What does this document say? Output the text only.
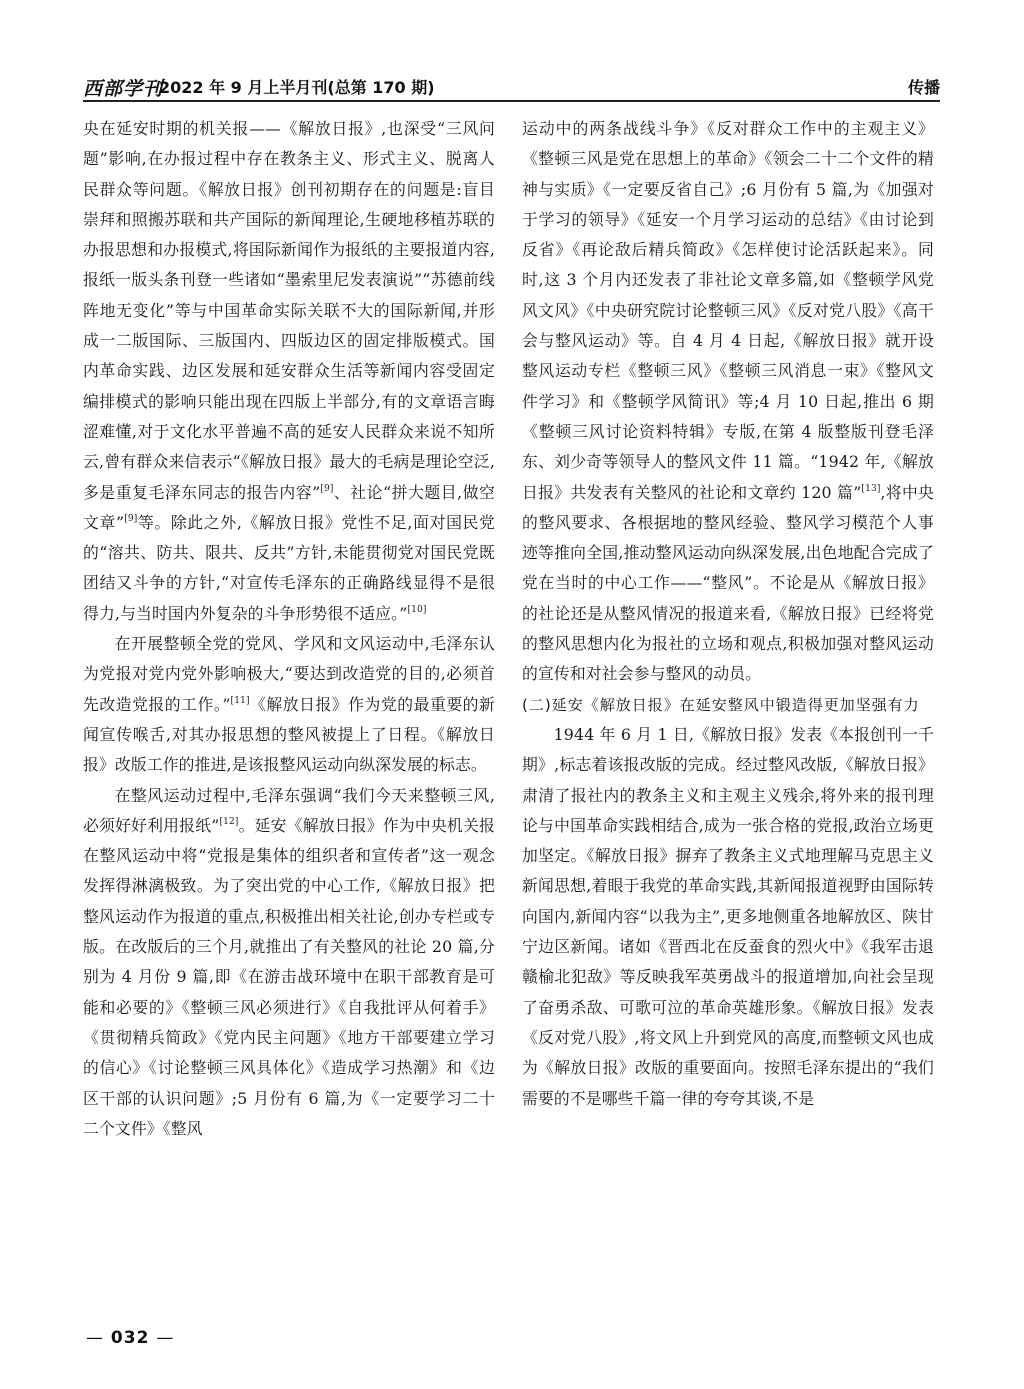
西部学刊
2022 年 9 月上半月刊(总第 170 期)	传播

央在延安时期的机关报——《解放日报》,也深受“三风问题”影响,在办报过程中存在教条主义、形式主义、脱离人民群众等问题。《解放日报》创刊初期存在的问题是:盲目崇拜和照搬苏联和共产国际的新闻理论,生硬地移植苏联的办报思想和办报模式,将国际新闻作为报纸的主要报道内容,报纸一版头条刊登一些诸如“墨索里尼发表演说”“苏德前线阵地无变化”等与中国革命实际关联不大的国际新闻,并形成一二版国际、三版国内、四版边区的固定排版模式。国内革命实践、边区发展和延安群众生活等新闻内容受固定编排模式的影响只能出现在四版上半部分,有的文章语言晦涩难懂,对于文化水平普遍不高的延安人民群众来说不知所云,曾有群众来信表示“《解放日报》最大的毛病是理论空泛,多是重复毛泽东同志的报告内容”[9]、社论“拼大题目,做空文章”[9]等。除此之外,《解放日报》党性不足,面对国民党的“溶共、防共、限共、反共”方针,未能贯彻党对国民党既团结又斗争的方针,“对宣传毛泽东的正确路线显得不是很得力,与当时国内外复杂的斗争形势很不适应。”[10]

在开展整顿全党的党风、学风和文风运动中,毛泽东认为党报对党内党外影响极大,“要达到改造党的目的,必须首先改造党报的工作。”[11]《解放日报》作为党的最重要的新闻宣传喉舌,对其办报思想的整风被提上了日程。《解放日报》改版工作的推进,是该报整风运动向纵深发展的标志。

在整风运动过程中,毛泽东强调“我们今天来整顿三风,必须好好利用报纸”[12]。延安《解放日报》作为中央机关报在整风运动中将“党报是集体的组织者和宣传者”这一观念发挥得淋漓极致。为了突出党的中心工作,《解放日报》把整风运动作为报道的重点,积极推出相关社论,创办专栏或专版。在改版后的三个月,就推出了有关整风的社论 20 篇,分别为 4 月份 9 篇,即《在游击战环境中在职干部教育是可能和必要的》《整顿三风必须进行》《自我批评从何着手》《贯彻精兵简政》《党内民主问题》《地方干部要建立学习的信心》《讨论整顿三风具体化》《造成学习热潮》和《边区干部的认识问题》;5 月份有 6 篇,为《一定要学习二十二个文件》《整风

运动中的两条战线斗争》《反对群众工作中的主观主义》《整顿三风是党在思想上的革命》《领会二十二个文件的精神与实质》《一定要反省自己》;6 月份有 5 篇,为《加强对于学习的领导》《延安一个月学习运动的总结》《由讨论到反省》《再论敌后精兵简政》《怎样使讨论活跃起来》。同时,这 3 个月内还发表了非社论文章多篇,如《整顿学风党风文风》《中央研究院讨论整顿三风》《反对党八股》《高干会与整风运动》等。自 4 月 4 日起,《解放日报》就开设整风运动专栏《整顿三风》《整顿三风消息一束》《整风文件学习》和《整顿学风简讯》等;4 月 10 日起,推出 6 期《整顿三风讨论资料特辑》专版,在第 4 版整版刊登毛泽东、刘少奇等领导人的整风文件 11 篇。“1942 年,《解放日报》共发表有关整风的社论和文章约 120 篇”[13],将中央的整风要求、各根据地的整风经验、整风学习模范个人事迹等推向全国,推动整风运动向纵深发展,出色地配合完成了党在当时的中心工作——“整风”。不论是从《解放日报》的社论还是从整风情况的报道来看,《解放日报》已经将党的整风思想内化为报社的立场和观点,积极加强对整风运动的宣传和对社会参与整风的动员。

(二)延安《解放日报》在延安整风中锻造得更加坚强有力

1944 年 6 月 1 日,《解放日报》发表《本报创刊一千期》,标志着该报改版的完成。经过整风改版,《解放日报》肃清了报社内的教条主义和主观主义残余,将外来的报刊理论与中国革命实践相结合,成为一张合格的党报,政治立场更加坚定。《解放日报》摒弃了教条主义式地理解马克思主义新闻思想,着眼于我党的革命实践,其新闻报道视野由国际转向国内,新闻内容“以我为主”,更多地侧重各地解放区、陕甘宁边区新闻。诸如《晋西北在反蚕食的烈火中》《我军击退赣榆北犯敌》等反映我军英勇战斗的报道增加,向社会呈现了奋勇杀敌、可歌可泣的革命英雄形象。《解放日报》发表《反对党八股》,将文风上升到党风的高度,而整顿文风也成为《解放日报》改版的重要面向。按照毛泽东提出的“我们需要的不是哪些千篇一律的夸夸其谈,不是

— 032 —
